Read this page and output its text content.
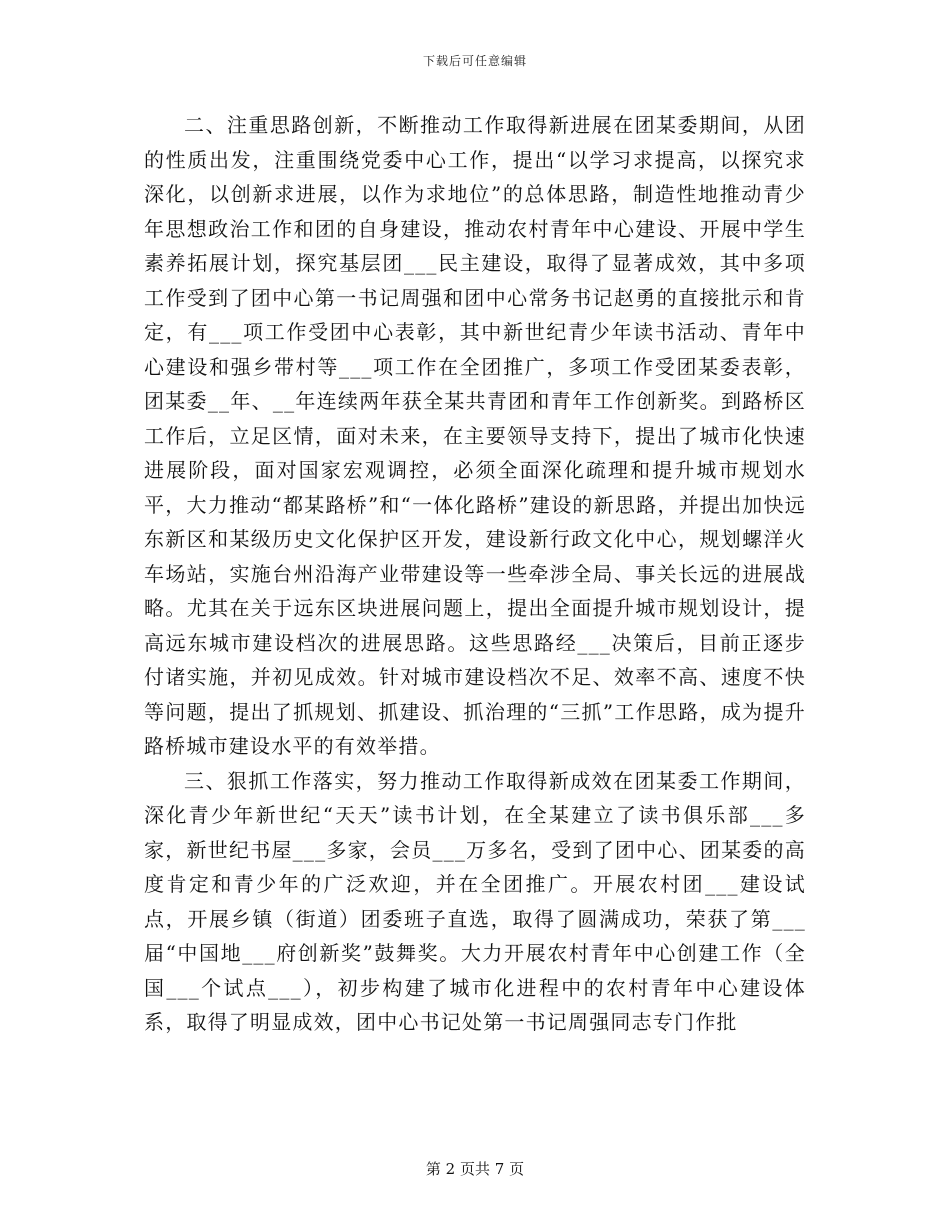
下载后可任意编辑

二、注重思路创新，不断推动工作取得新进展在团某委期间，从团的性质出发，注重围绕党委中心工作，提出“以学习求提高，以探究求深化，以创新求进展，以作为求地位”的总体思路，制造性地推动青少年思想政治工作和团的自身建设，推动农村青年中心建设、开展中学生素养拓展计划，探究基层团___民主建设，取得了显著成效，其中多项工作受到了团中心第一书记周强和团中心常务书记赵勇的直接批示和肯定，有___项工作受团中心表彰，其中新世纪青少年读书活动、青年中心建设和强乡带村等___项工作在全团推广，多项工作受团某委表彰，团某委__年、__年连续两年获全某共青团和青年工作创新奖。到路桥区工作后，立足区情，面对未来，在主要领导支持下，提出了城市化快速进展阶段，面对国家宏观调控，必须全面深化疏理和提升城市规划水平，大力推动“都某路桥”和“一体化路桥”建设的新思路，并提出加快远东新区和某级历史文化保护区开发，建设新行政文化中心，规划螺洋火车场站，实施台州沿海产业带建设等一些牵涉全局、事关长远的进展战略。尤其在关于远东区块进展问题上，提出全面提升城市规划设计，提高远东城市建设档次的进展思路。这些思路经___决策后，目前正逐步付诸实施，并初见成效。针对城市建设档次不足、效率不高、速度不快等问题，提出了抓规划、抓建设、抓治理的“三抓”工作思路，成为提升路桥城市建设水平的有效举措。

三、狠抓工作落实，努力推动工作取得新成效在团某委工作期间，深化青少年新世纪“天天”读书计划，在全某建立了读书俱乐部___多家，新世纪书屋___多家，会员___万多名，受到了团中心、团某委的高度肯定和青少年的广泛欢迎，并在全团推广。开展农村团___建设试点，开展乡镇（街道）团委班子直选，取得了圆满成功，荣获了第___届“中国地___府创新奖”鼓舞奖。大力开展农村青年中心创建工作（全国___个试点___），初步构建了城市化进程中的农村青年中心建设体系，取得了明显成效，团中心书记处第一书记周强同志专门作批

第 2 页共 7 页
